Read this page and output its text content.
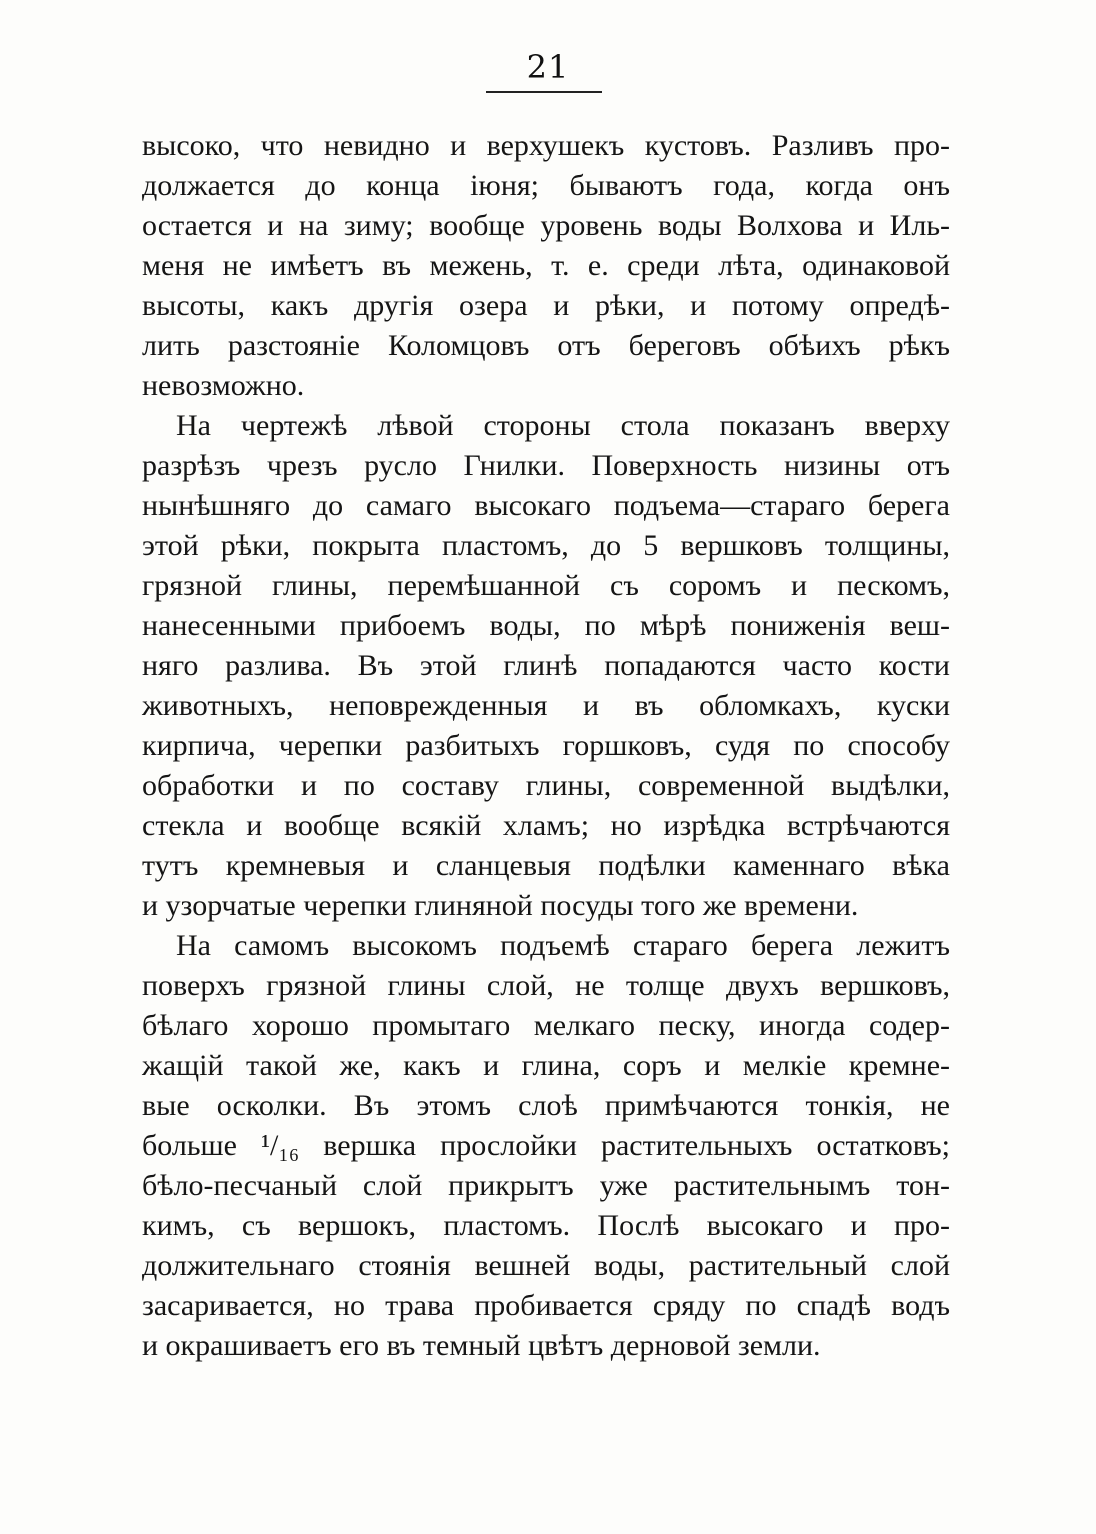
21
высоко, что невидно и верхушекъ кустовъ. Разливъ про-
должается до конца іюня; бываютъ года, когда онъ
остается и на зиму; вообще уровень воды Волхова и Иль-
меня не имѣетъ въ межень, т. е. среди лѣта, одинаковой
высоты, какъ другія озера и рѣки, и потому опредѣ-
лить разстояніе Коломцовъ отъ береговъ обѣихъ рѣкъ
невозможно.
На чертежѣ лѣвой стороны стола показанъ вверху
разрѣзъ чрезъ русло Гнилки. Поверхность низины отъ
нынѣшняго до самаго высокаго подъема—стараго берега
этой рѣки, покрыта пластомъ, до 5 вершковъ толщины,
грязной глины, перемѣшанной съ соромъ и пескомъ,
нанесенными прибоемъ воды, по мѣрѣ пониженія веш-
няго разлива. Въ этой глинѣ попадаются часто кости
животныхъ, неповрежденныя и въ обломкахъ, куски
кирпича, черепки разбитыхъ горшковъ, судя по способу
обработки и по составу глины, современной выдѣлки,
стекла и вообще всякій хламъ; но изрѣдка встрѣчаются
тутъ кремневыя и сланцевыя подѣлки каменнаго вѣка
и узорчатые черепки глиняной посуды того же времени.
На самомъ высокомъ подъемѣ стараго берега лежитъ
поверхъ грязной глины слой, не толще двухъ вершковъ,
бѣлаго хорошо промытаго мелкаго песку, иногда содер-
жащій такой же, какъ и глина, соръ и мелкіе кремне-
вые осколки. Въ этомъ слоѣ примѣчаются тонкія, не
больше ¹/₁₆ вершка прослойки растительныхъ остатковъ;
бѣло-песчаный слой прикрытъ уже растительнымъ тон-
кимъ, съ вершокъ, пластомъ. Послѣ высокаго и про-
должительнаго стоянія вешней воды, растительный слой
засаривается, но трава пробивается сряду по спадѣ водъ
и окрашиваетъ его въ темный цвѣтъ дерновой земли.
